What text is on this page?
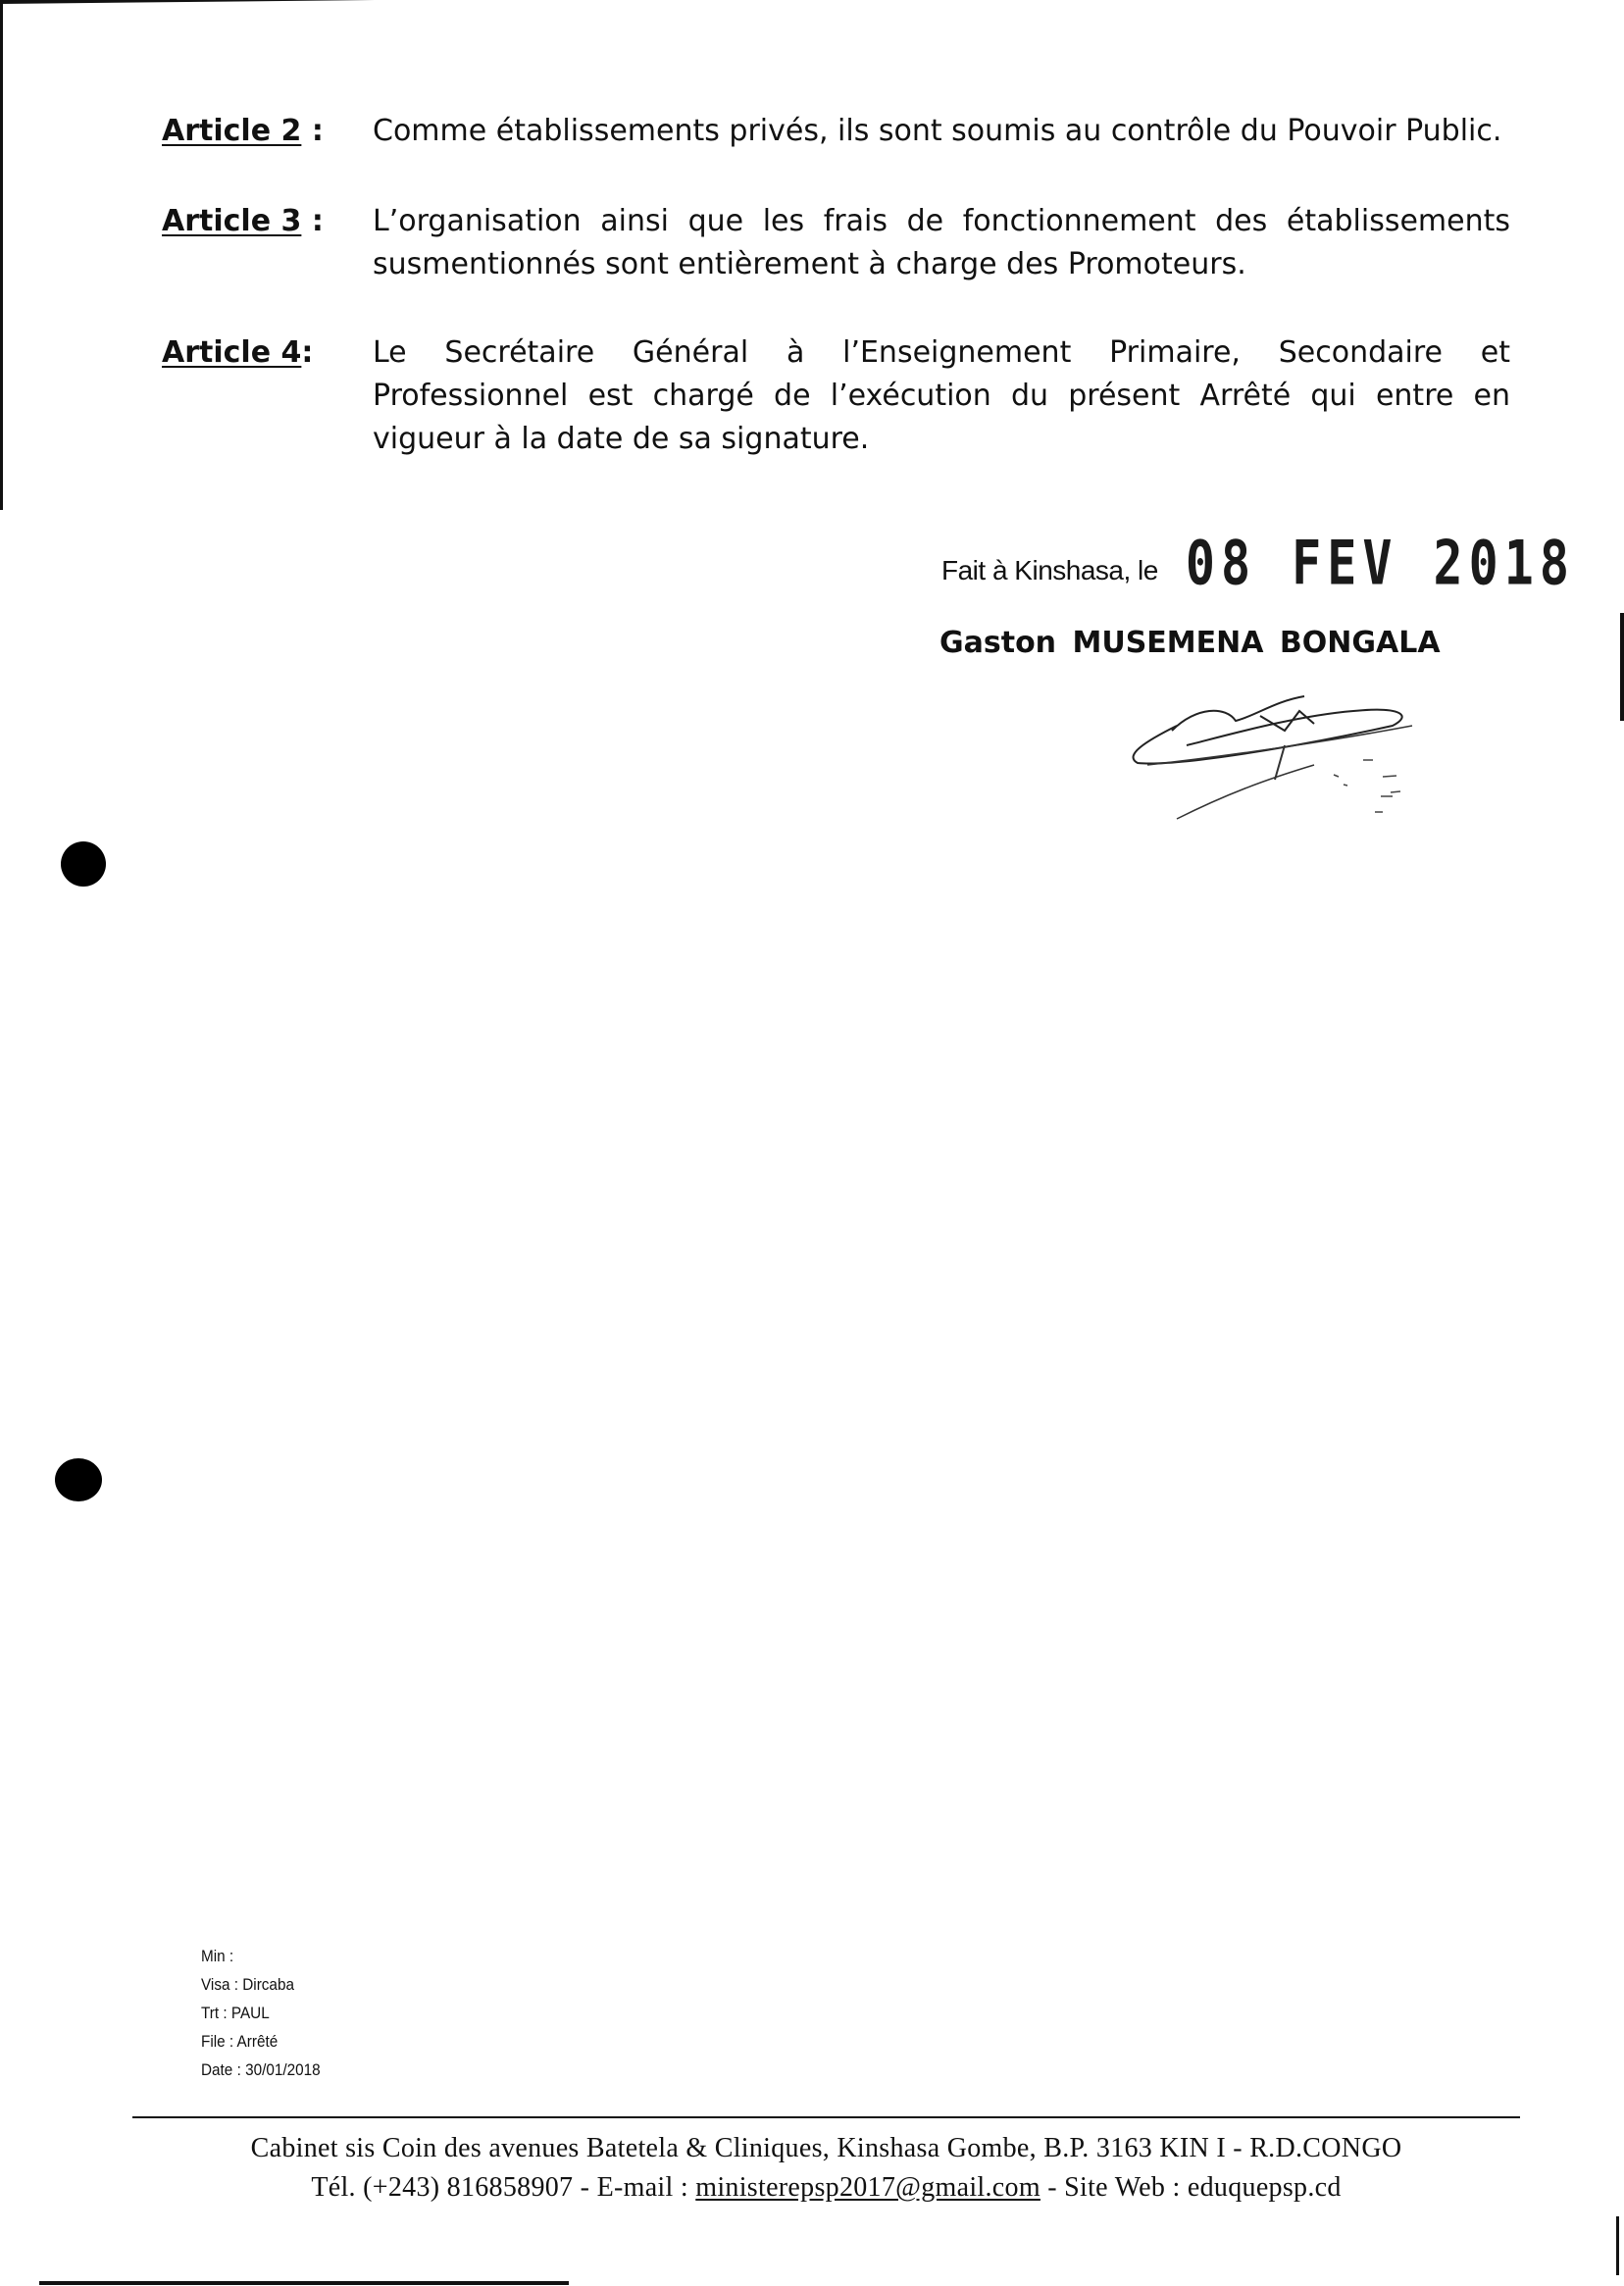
Article 2 :	Comme établissements privés, ils sont soumis au contrôle du Pouvoir Public.
Article 3 :	L’organisation ainsi que les frais de fonctionnement des établissements susmentionnés sont entièrement à charge des Promoteurs.
Article 4:	Le Secrétaire Général à l’Enseignement Primaire, Secondaire et Professionnel est chargé de l’exécution du présent Arrêté qui entre en vigueur à la date de sa signature.
Fait à Kinshasa, le 08 FEV 2018
Gaston MUSEMENA BONGALA
Min :
Visa : Dircaba
Trt : PAUL
File : Arrêté
Date : 30/01/2018
Cabinet sis Coin des avenues Batetela & Cliniques, Kinshasa Gombe, B.P. 3163 KIN I - R.D.CONGO
Tél. (+243) 816858907 - E-mail : ministerepsp2017@gmail.com - Site Web : eduquepsp.cd
